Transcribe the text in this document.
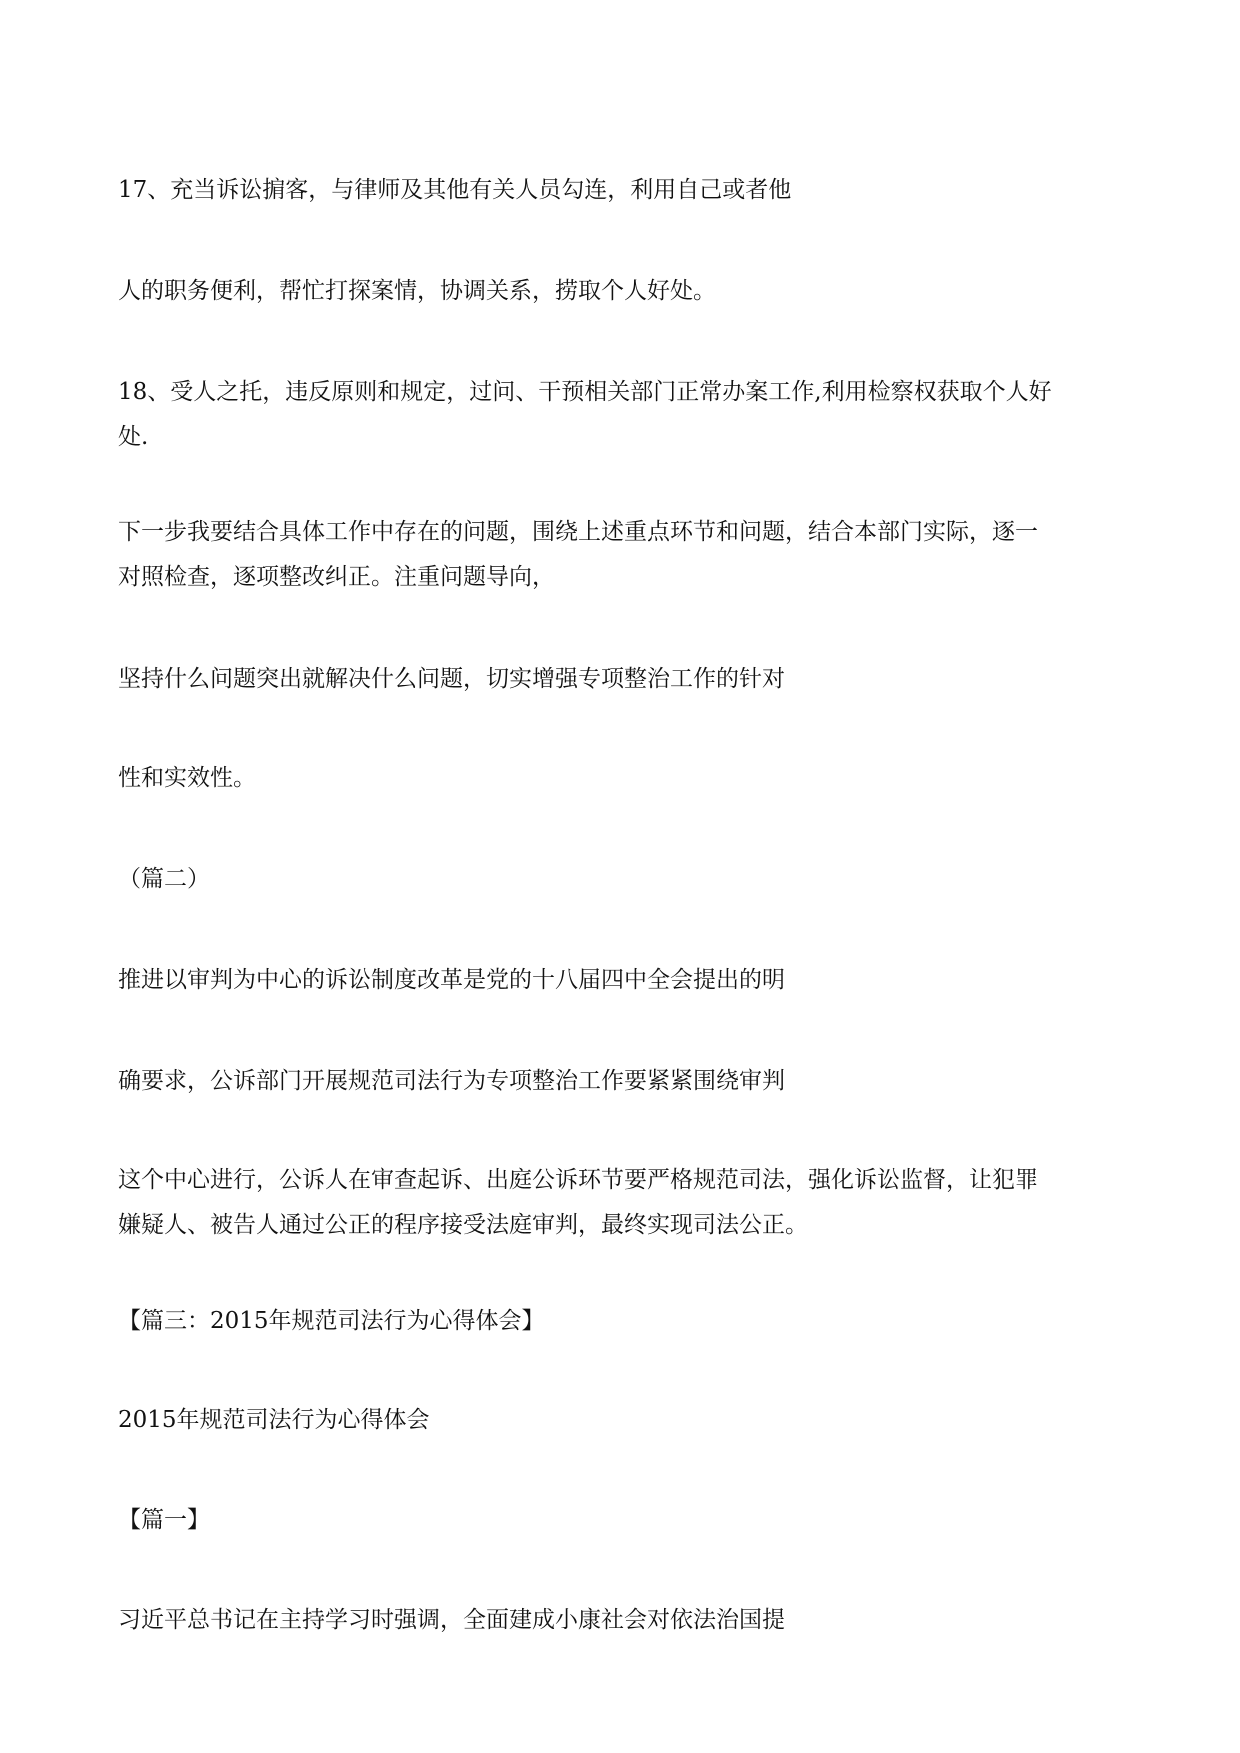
17、充当诉讼掮客，与律师及其他有关人员勾连，利用自己或者他

人的职务便利，帮忙打探案情，协调关系，捞取个人好处。

18、受人之托，违反原则和规定，过问、干预相关部门正常办案工作,利用检察权获取个人好

处.

下一步我要结合具体工作中存在的问题，围绕上述重点环节和问题，结合本部门实际，逐一

对照检查，逐项整改纠正。注重问题导向，

坚持什么问题突出就解决什么问题，切实增强专项整治工作的针对

性和实效性。

（篇二）

推进以审判为中心的诉讼制度改革是党的十八届四中全会提出的明

确要求，公诉部门开展规范司法行为专项整治工作要紧紧围绕审判

这个中心进行，公诉人在审查起诉、出庭公诉环节要严格规范司法，强化诉讼监督，让犯罪

嫌疑人、被告人通过公正的程序接受法庭审判，最终实现司法公正。

【篇三：2015年规范司法行为心得体会】

2015年规范司法行为心得体会

【篇一】

习近平总书记在主持学习时强调，全面建成小康社会对依法治国提
